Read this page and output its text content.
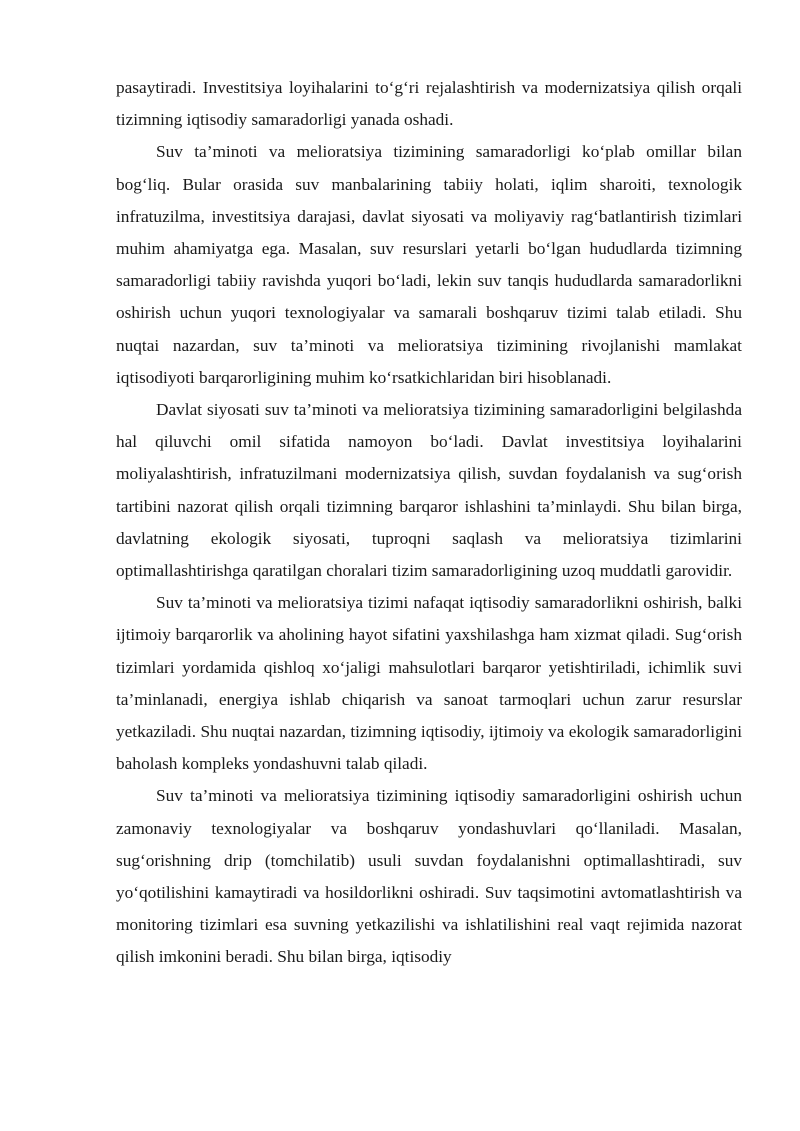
pasaytiradi. Investitsiya loyihalarini to‘g‘ri rejalashtirish va modernizatsiya qilish orqali tizimning iqtisodiy samaradorligi yanada oshadi.

Suv ta’minoti va melioratsiya tizimining samaradorligi ko‘plab omillar bilan bog‘liq. Bular orasida suv manbalarining tabiiy holati, iqlim sharoiti, texnologik infratuzilma, investitsiya darajasi, davlat siyosati va moliyaviy rag‘batlantirish tizimlari muhim ahamiyatga ega. Masalan, suv resurslari yetarli bo‘lgan hududlarda tizimning samaradorligi tabiiy ravishda yuqori bo‘ladi, lekin suv tanqis hududlarda samaradorlikni oshirish uchun yuqori texnologiyalar va samarali boshqaruv tizimi talab etiladi. Shu nuqtai nazardan, suv ta’minoti va melioratsiya tizimining rivojlanishi mamlakat iqtisodiyoti barqarorligining muhim ko‘rsatkichlaridan biri hisoblanadi.

Davlat siyosati suv ta’minoti va melioratsiya tizimining samaradorligini belgilashda hal qiluvchi omil sifatida namoyon bo‘ladi. Davlat investitsiya loyihalarini moliyalashtirish, infratuzilmani modernizatsiya qilish, suvdan foydalanish va sug‘orish tartibini nazorat qilish orqali tizimning barqaror ishlashini ta’minlaydi. Shu bilan birga, davlatning ekologik siyosati, tuproqni saqlash va melioratsiya tizimlarini optimallashtirishga qaratilgan choralari tizim samaradorligining uzoq muddatli garovidir.

Suv ta’minoti va melioratsiya tizimi nafaqat iqtisodiy samaradorlikni oshirish, balki ijtimoiy barqarorlik va aholining hayot sifatini yaxshilashga ham xizmat qiladi. Sug‘orish tizimlari yordamida qishloq xo‘jaligi mahsulotlari barqaror yetishtiriladi, ichimlik suvi ta’minlanadi, energiya ishlab chiqarish va sanoat tarmoqlari uchun zarur resurslar yetkaziladi. Shu nuqtai nazardan, tizimning iqtisodiy, ijtimoiy va ekologik samaradorligini baholash kompleks yondashuvni talab qiladi.

Suv ta’minoti va melioratsiya tizimining iqtisodiy samaradorligini oshirish uchun zamonaviy texnologiyalar va boshqaruv yondashuvlari qo‘llaniladi. Masalan, sug‘orishning drip (tomchilatib) usuli suvdan foydalanishni optimallashtiradi, suv yo‘qotilishini kamaytiradi va hosildorlikni oshiradi. Suv taqsimotini avtomatlashtirish va monitoring tizimlari esa suvning yetkazilishi va ishlatilishini real vaqt rejimida nazorat qilish imkonini beradi. Shu bilan birga, iqtisodiy
